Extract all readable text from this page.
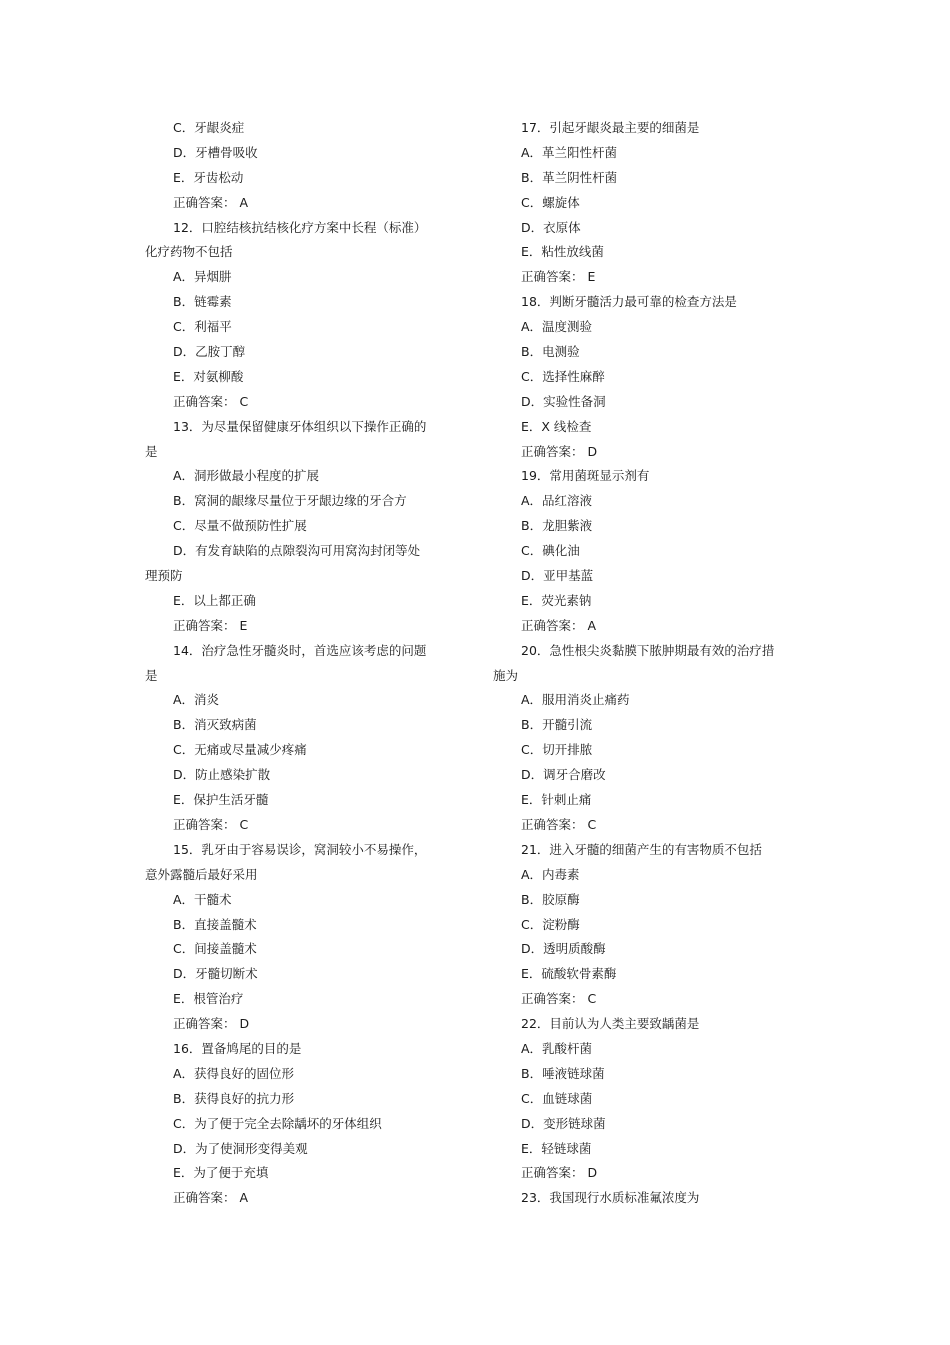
C．牙龈炎症
D．牙槽骨吸收
E．牙齿松动
正确答案： A
12．口腔结核抗结核化疗方案中长程（标准）
化疗药物不包括
A．异烟肼
B．链霉素
C．利福平
D．乙胺丁醇
E．对氨柳酸
正确答案： C
13．为尽量保留健康牙体组织以下操作正确的
是
A．洞形做最小程度的扩展
B．窝洞的龈缘尽量位于牙龈边缘的牙合方
C．尽量不做预防性扩展
D．有发育缺陷的点隙裂沟可用窝沟封闭等处
理预防
E．以上都正确
正确答案： E
14．治疗急性牙髓炎时，首选应该考虑的问题
是
A．消炎
B．消灭致病菌
C．无痛或尽量减少疼痛
D．防止感染扩散
E．保护生活牙髓
正确答案： C
15．乳牙由于容易误诊，窝洞较小不易操作，
意外露髓后最好采用
A．干髓术
B．直接盖髓术
C．间接盖髓术
D．牙髓切断术
E．根管治疗
正确答案： D
16．置备鸠尾的目的是
A．获得良好的固位形
B．获得良好的抗力形
C．为了便于完全去除龋坏的牙体组织
D．为了使洞形变得美观
E．为了便于充填
正确答案： A
17．引起牙龈炎最主要的细菌是
A．革兰阳性杆菌
B．革兰阴性杆菌
C．螺旋体
D．衣原体
E．粘性放线菌
正确答案： E
18．判断牙髓活力最可靠的检查方法是
A．温度测验
B．电测验
C．选择性麻醉
D．实验性备洞
E．X 线检查
正确答案： D
19．常用菌斑显示剂有
A．品红溶液
B．龙胆紫液
C．碘化油
D．亚甲基蓝
E．荧光素钠
正确答案： A
20．急性根尖炎黏膜下脓肿期最有效的治疗措
施为
A．服用消炎止痛药
B．开髓引流
C．切开排脓
D．调牙合磨改
E．针刺止痛
正确答案： C
21．进入牙髓的细菌产生的有害物质不包括
A．内毒素
B．胶原酶
C．淀粉酶
D．透明质酸酶
E．硫酸软骨素酶
正确答案： C
22．目前认为人类主要致龋菌是
A．乳酸杆菌
B．唾液链球菌
C．血链球菌
D．变形链球菌
E．轻链球菌
正确答案： D
23．我国现行水质标准氟浓度为
